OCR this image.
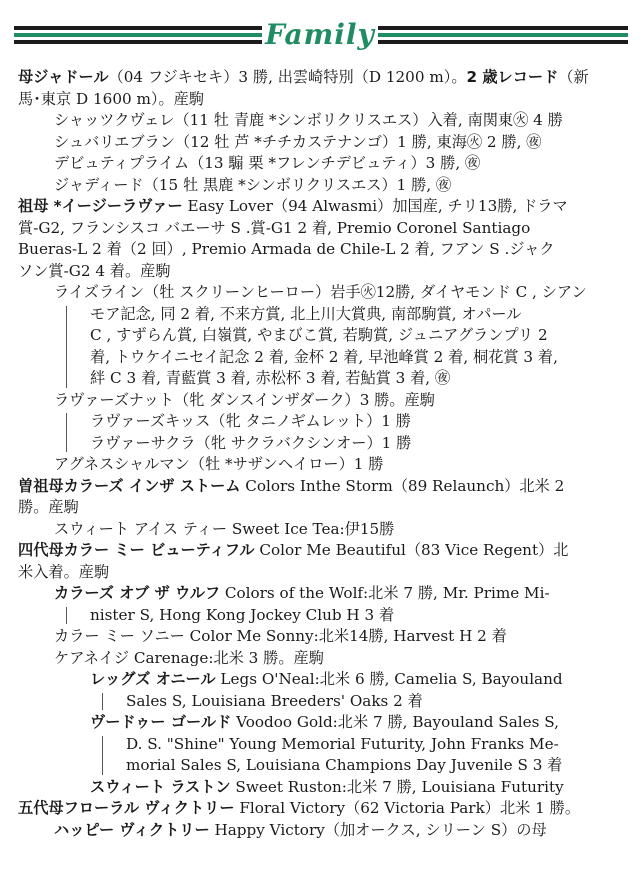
Family
母ジャドール（04 フジキセキ）3 勝, 出雲崎特別（D 1200 m）。2 歳レコード（新
馬･東京 D 1600 m）。産駒
シャッツクヴェレ（11 牡 青鹿 *シンボリクリスエス）入着, 南関東㊋ 4 勝
シュバリエブラン（12 牡 芦 *チチカステナンゴ）1 勝, 東海㊋ 2 勝, ㊰
デビュティプライム（13 騸 栗 *フレンチデビュティ）3 勝, ㊰
ジャディード（15 牡 黒鹿 *シンボリクリスエス）1 勝, ㊰
祖母 *イージーラヴァー Easy Lover（94 Alwasmi）加国産, チリ13勝, ドラマ
賞-G2, フランシスコ バエーサ S .賞-G1 2 着, Premio Coronel Santiago
Bueras-L 2 着（2 回）, Premio Armada de Chile-L 2 着, フアン S .ジャク
ソン賞-G2 4 着。産駒
ライズライン（牡 スクリーンヒーロー）岩手㊋12勝, ダイヤモンド C , シアン
モア記念, 同 2 着, 不来方賞, 北上川大賞典, 南部駒賞, オパール
C , すずらん賞, 白嶺賞, やまびこ賞, 若駒賞, ジュニアグランプリ 2
着, トウケイニセイ記念 2 着, 金杯 2 着, 早池峰賞 2 着, 桐花賞 3 着,
絆 C 3 着, 青藍賞 3 着, 赤松杯 3 着, 若鮎賞 3 着, ㊰
ラヴァーズナット（牝 ダンスインザダーク）3 勝。産駒
ラヴァーズキッス（牝 タニノギムレット）1 勝
ラヴァーサクラ（牝 サクラバクシンオー）1 勝
アグネスシャルマン（牡 *サザンヘイロー）1 勝
曽祖母カラーズ インザ ストーム Colors Inthe Storm（89 Relaunch）北米 2
勝。産駒
スウィート アイス ティー Sweet Ice Tea:伊15勝
四代母カラー ミー ビューティフル Color Me Beautiful（83 Vice Regent）北
米入着。産駒
カラーズ オブ ザ ウルフ Colors of the Wolf:北米 7 勝, Mr. Prime Mi-
nister S, Hong Kong Jockey Club H 3 着
カラー ミー ソニー Color Me Sonny:北米14勝, Harvest H 2 着
ケアネイジ Carenage:北米 3 勝。産駒
レッグズ オニール Legs O'Neal:北米 6 勝, Camelia S, Bayouland
Sales S, Louisiana Breeders' Oaks 2 着
ヴードゥー ゴールド Voodoo Gold:北米 7 勝, Bayouland Sales S,
D. S. "Shine" Young Memorial Futurity, John Franks Me-
morial Sales S, Louisiana Champions Day Juvenile S 3 着
スウィート ラストン Sweet Ruston:北米 7 勝, Louisiana Futurity
五代母フローラル ヴィクトリー Floral Victory（62 Victoria Park）北米 1 勝。
ハッピー ヴィクトリー Happy Victory（加オークス, シリーン S）の母
